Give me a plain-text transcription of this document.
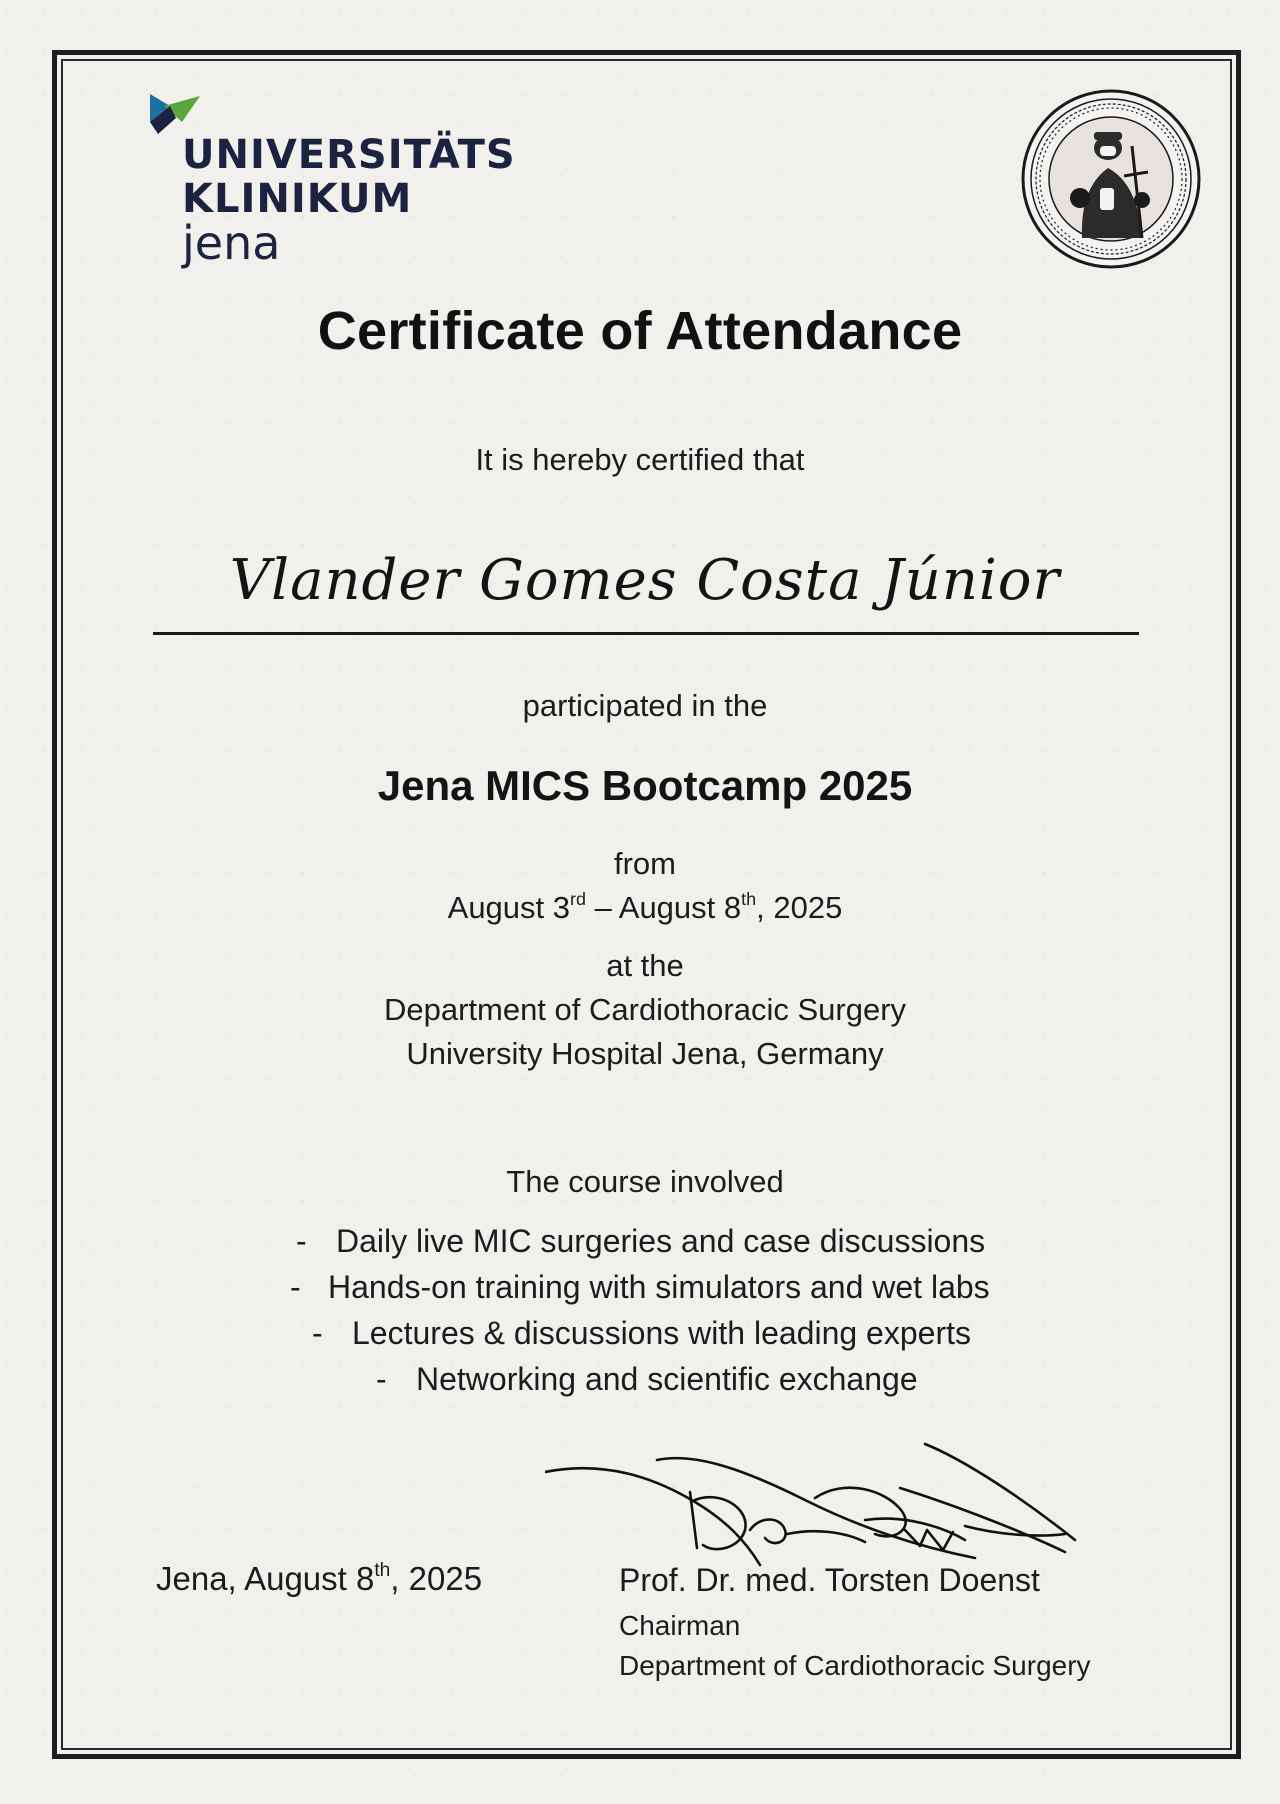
UNIVERSITÄTS
KLINIKUM
jena
Certificate of Attendance
It is hereby certified that
Vlander Gomes Costa Júnior
participated in the
Jena MICS Bootcamp 2025
from
August 3rd – August 8th, 2025
at the
Department of Cardiothoracic Surgery
University Hospital Jena, Germany
The course involved
- Daily live MIC surgeries and case discussions
- Hands-on training with simulators and wet labs
- Lectures & discussions with leading experts
- Networking and scientific exchange
Jena, August 8th, 2025	Prof. Dr. med. Torsten Doenst
Chairman
Department of Cardiothoracic Surgery
